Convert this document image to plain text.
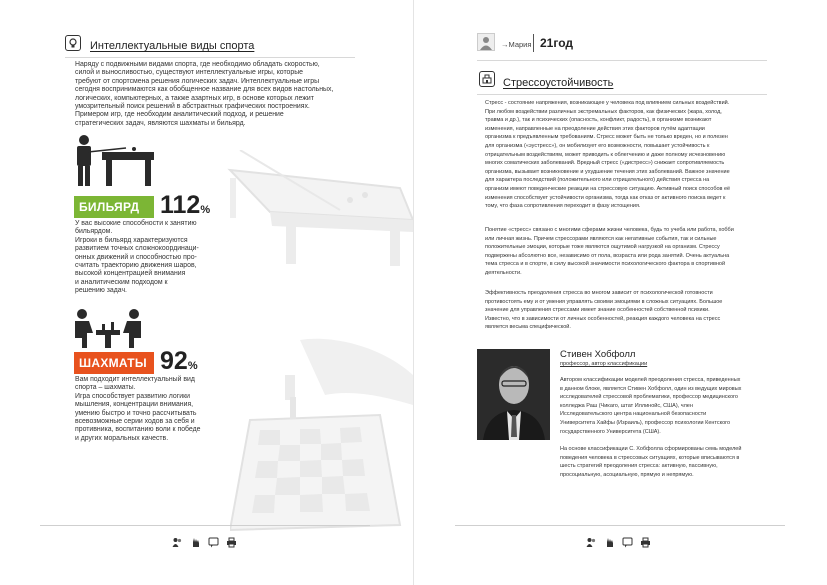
Интеллектуальные виды спорта
Наряду с подвижными видами спорта, где необходимо обладать скоростью,
силой и выносливостью, существуют интеллектуальные игры, которые
требуют от спортсмена решения логических задач. Интеллектуальные игры
сегодня воспринимаются как обобщенное название для всех видов настольных,
логических, компьютерных, а также азартных игр, в основе которых лежит
умозрительный поиск решений в абстрактных графических построениях.
Примером игр, где необходим аналитический подход, и решение
стратегических задач, являются шахматы и бильярд.
БИЛЬЯРД 112%
У вас высокие способности к занятию
бильярдом.
Игроки в бильярд характеризуются
развитием точных сложнокоординаци-
онных движений и способностью про-
считать траекторию движения шаров,
высокой концентрацией внимания
и аналитическим подходом к
решению задач.
ШАХМАТЫ 92%
Вам подходит интеллектуальный вид
спорта – шахматы.
Игра способствует развитию логики
мышления, концентрации внимания,
умению быстро и точно рассчитывать
всевозможные серии ходов за себя и
противника, воспитанию воли к победе
и других моральных качеств.
→Мария 21год
Стрессоустойчивость
Стресс - состояние напряжения, возникающее у человека под влиянием сильных воздействий.
При любом воздействии различных экстремальных факторов, как физических (жара, холод,
травма и др.), так и психических (опасность, конфликт, радость), в организме возникают
изменения, направленные на преодоление действия этих факторов путём адаптации
организма к предъявленным требованиям. Стресс может быть не только вреден, но и полезен
для организма («эустресс»), он мобилизует его возможности, повышает устойчивость к
отрицательным воздействиям, может приводить к облегчению и даже полному исчезновению
многих соматических заболеваний. Вредный стресс («дистресс») снижает сопротивляемость
организма, вызывает возникновение и ухудшение течения этих заболеваний. Важное значение
для характера последствий (положительного или отрицательного) действия стресса на
организм имеют поведенческие реакции на стрессовую ситуацию. Активный поиск способов её
изменения способствует устойчивости организма, тогда как отказ от активного поиска ведет к
тому, что фаза сопротивления переходит в фазу истощения.
Понятие «стресс» связано с многими сферами жизни человека, будь то учеба или работа, хобби
или личная жизнь. Причем стрессорами являются как негативные события, так и сильные
положительные эмоции, которые тоже являются ощутимой нагрузкой на организм. Стрессу
подвержены абсолютно все, независимо от пола, возраста или рода занятий. Очень актуальна
тема стресса и в спорте, в силу высокой значимости психологического фактора в спортивной
деятельности.
Эффективность преодоления стресса во многом зависит от психологической готовности
противостоять ему и от умения управлять своими эмоциями в сложных ситуациях. Большое
значение для управления стрессами имеет знание особенностей собственной психики.
Известно, что в зависимости от личных особенностей, реакция каждого человека на стресс
является весьма специфической.
Стивен Хобфолл
профессор, автор классификации
Автором классификации моделей преодоления стресса, приведенных
в данном блоке, является Стивен Хобфолл, один из ведущих мировых
исследователей стрессовой проблематики, профессор медицинского
колледжа Раш (Чикаго, штат Иллинойс, США), член
Исследовательского центра национальной безопасности
Университета Хайфы (Израиль), профессор психологии Кентского
государственного Университета (США).
На основе классификации С. Хобфолла сформированы семь моделей
поведения человека в стрессовых ситуациях, которые вписываются в
шесть стратегий преодоления стресса: активную, пассивную,
просоциальную, асоциальную, прямую и непрямую.
